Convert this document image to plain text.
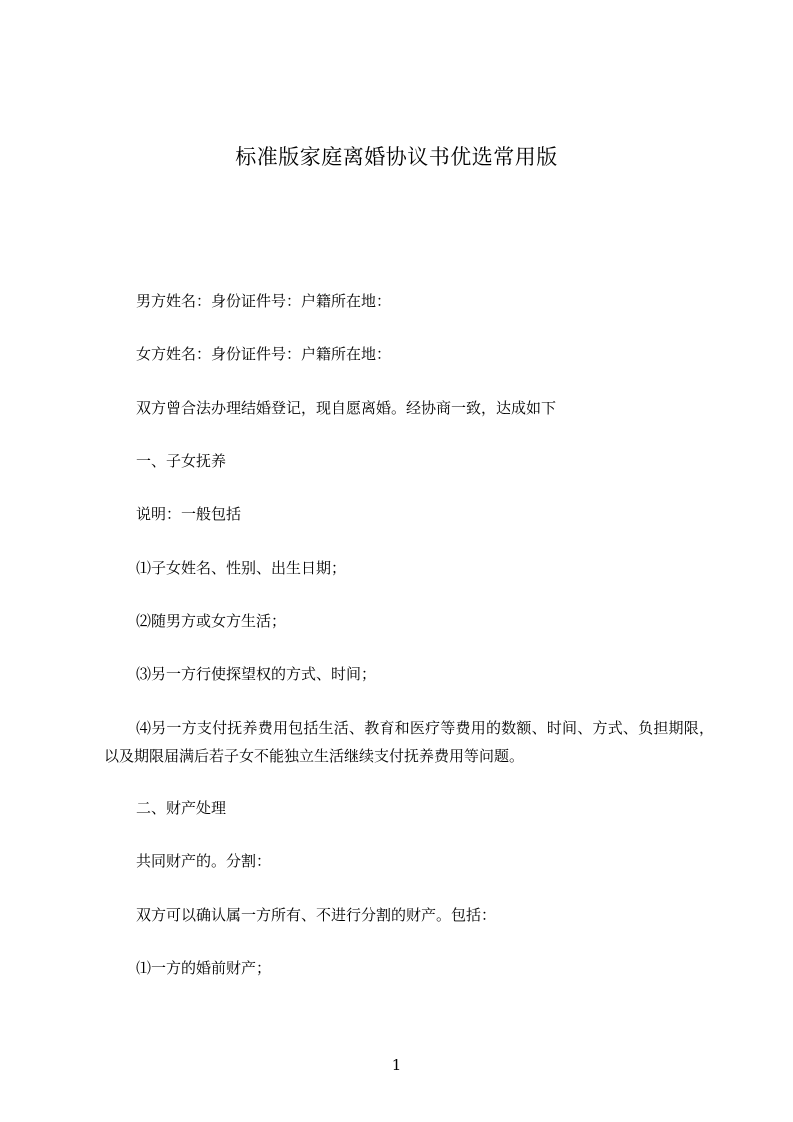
标准版家庭离婚协议书优选常用版

男方姓名：身份证件号：户籍所在地：

女方姓名：身份证件号：户籍所在地：

双方曾合法办理结婚登记，现自愿离婚。经协商一致，达成如下

一、子女抚养

说明：一般包括

⑴子女姓名、性别、出生日期；

⑵随男方或女方生活；

⑶另一方行使探望权的方式、时间；

⑷另一方支付抚养费用包括生活、教育和医疗等费用的数额、时间、方式、负担期限，以及期限届满后若子女不能独立生活继续支付抚养费用等问题。

二、财产处理

共同财产的。分割：

双方可以确认属一方所有、不进行分割的财产。包括：

⑴一方的婚前财产；

1
